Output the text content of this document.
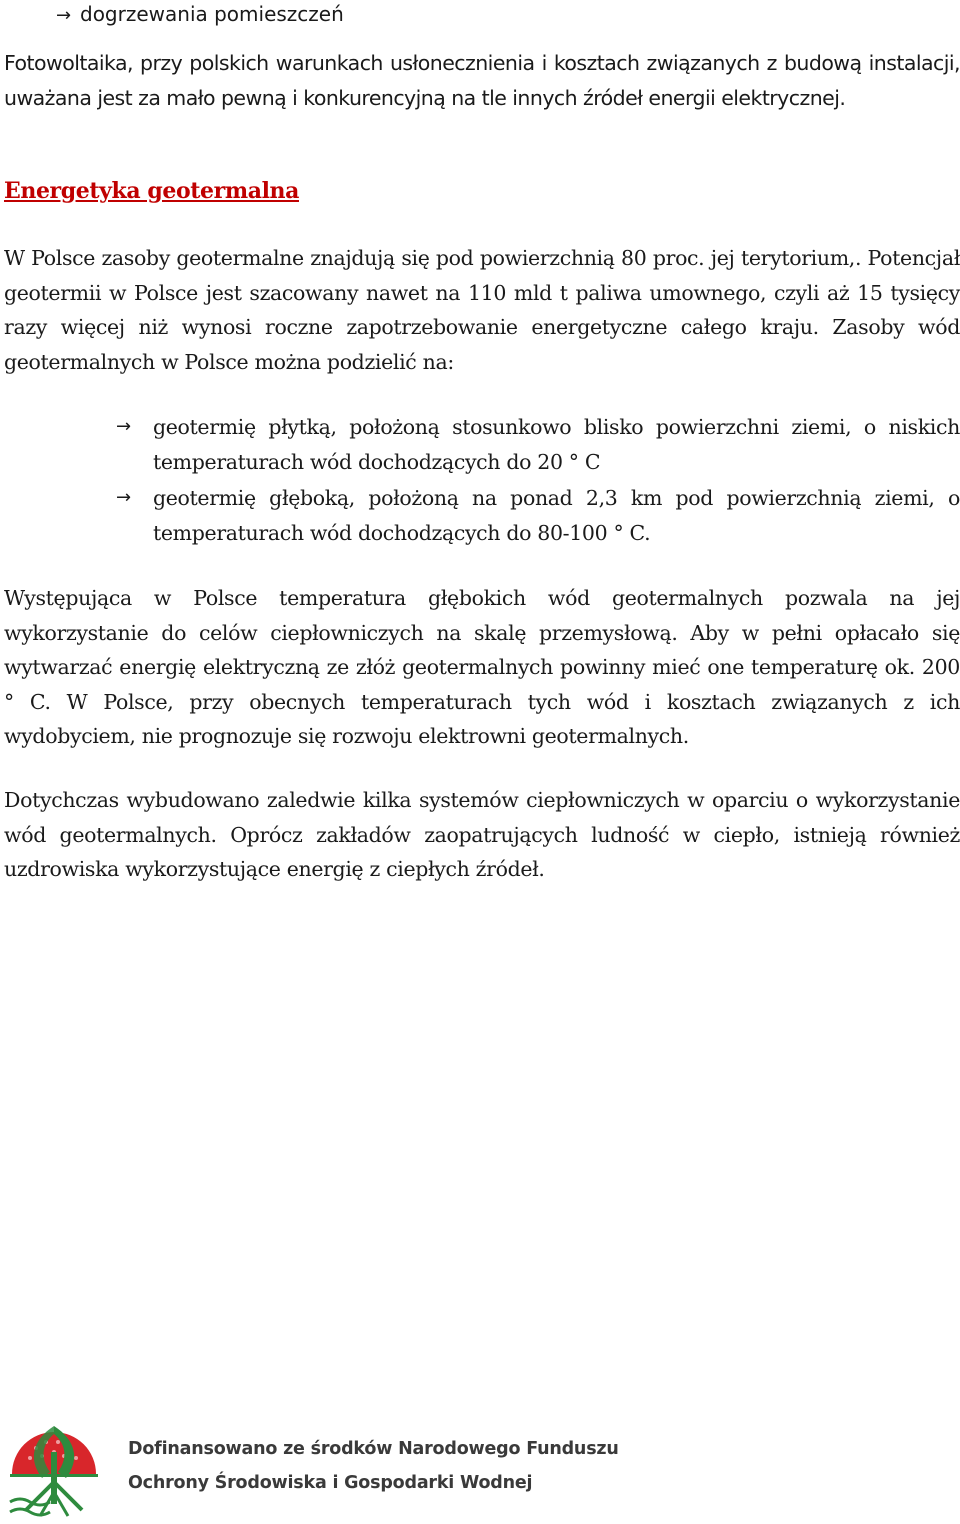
→ dogrzewania pomieszczeń
Fotowoltaika, przy polskich warunkach usłonecznienia i kosztach związanych z budową instalacji, uważana jest za mało pewną i konkurencyjną na tle innych źródeł energii elektrycznej.
Energetyka geotermalna
W Polsce zasoby geotermalne znajdują się pod powierzchnią 80 proc. jej terytorium,. Potencjał geotermii w Polsce jest szacowany nawet na 110 mld t paliwa umownego, czyli aż 15 tysięcy razy więcej niż wynosi roczne zapotrzebowanie energetyczne całego kraju. Zasoby wód geotermalnych w Polsce można podzielić na:
→	geotermię płytką, położoną stosunkowo blisko powierzchni ziemi, o niskich temperaturach wód dochodzących do 20 ° C
→	geotermię głęboką, położoną na ponad 2,3 km pod powierzchnią ziemi, o temperaturach wód dochodzących do 80-100 ° C.
Występująca w Polsce temperatura głębokich wód geotermalnych pozwala na jej wykorzystanie do celów ciepłowniczych na skalę przemysłową. Aby w pełni opłacało się wytwarzać energię elektryczną ze złóż geotermalnych powinny mieć one temperaturę ok. 200 ° C. W Polsce, przy obecnych temperaturach tych wód i kosztach związanych z ich wydobyciem, nie prognozuje się rozwoju elektrowni geotermalnych.
Dotychczas wybudowano zaledwie kilka systemów ciepłowniczych w oparciu o wykorzystanie wód geotermalnych. Oprócz zakładów zaopatrujących ludność w ciepło, istnieją również uzdrowiska wykorzystujące energię z ciepłych źródeł.
Dofinansowano ze środków Narodowego Funduszu
Ochrony Środowiska i Gospodarki Wodnej
